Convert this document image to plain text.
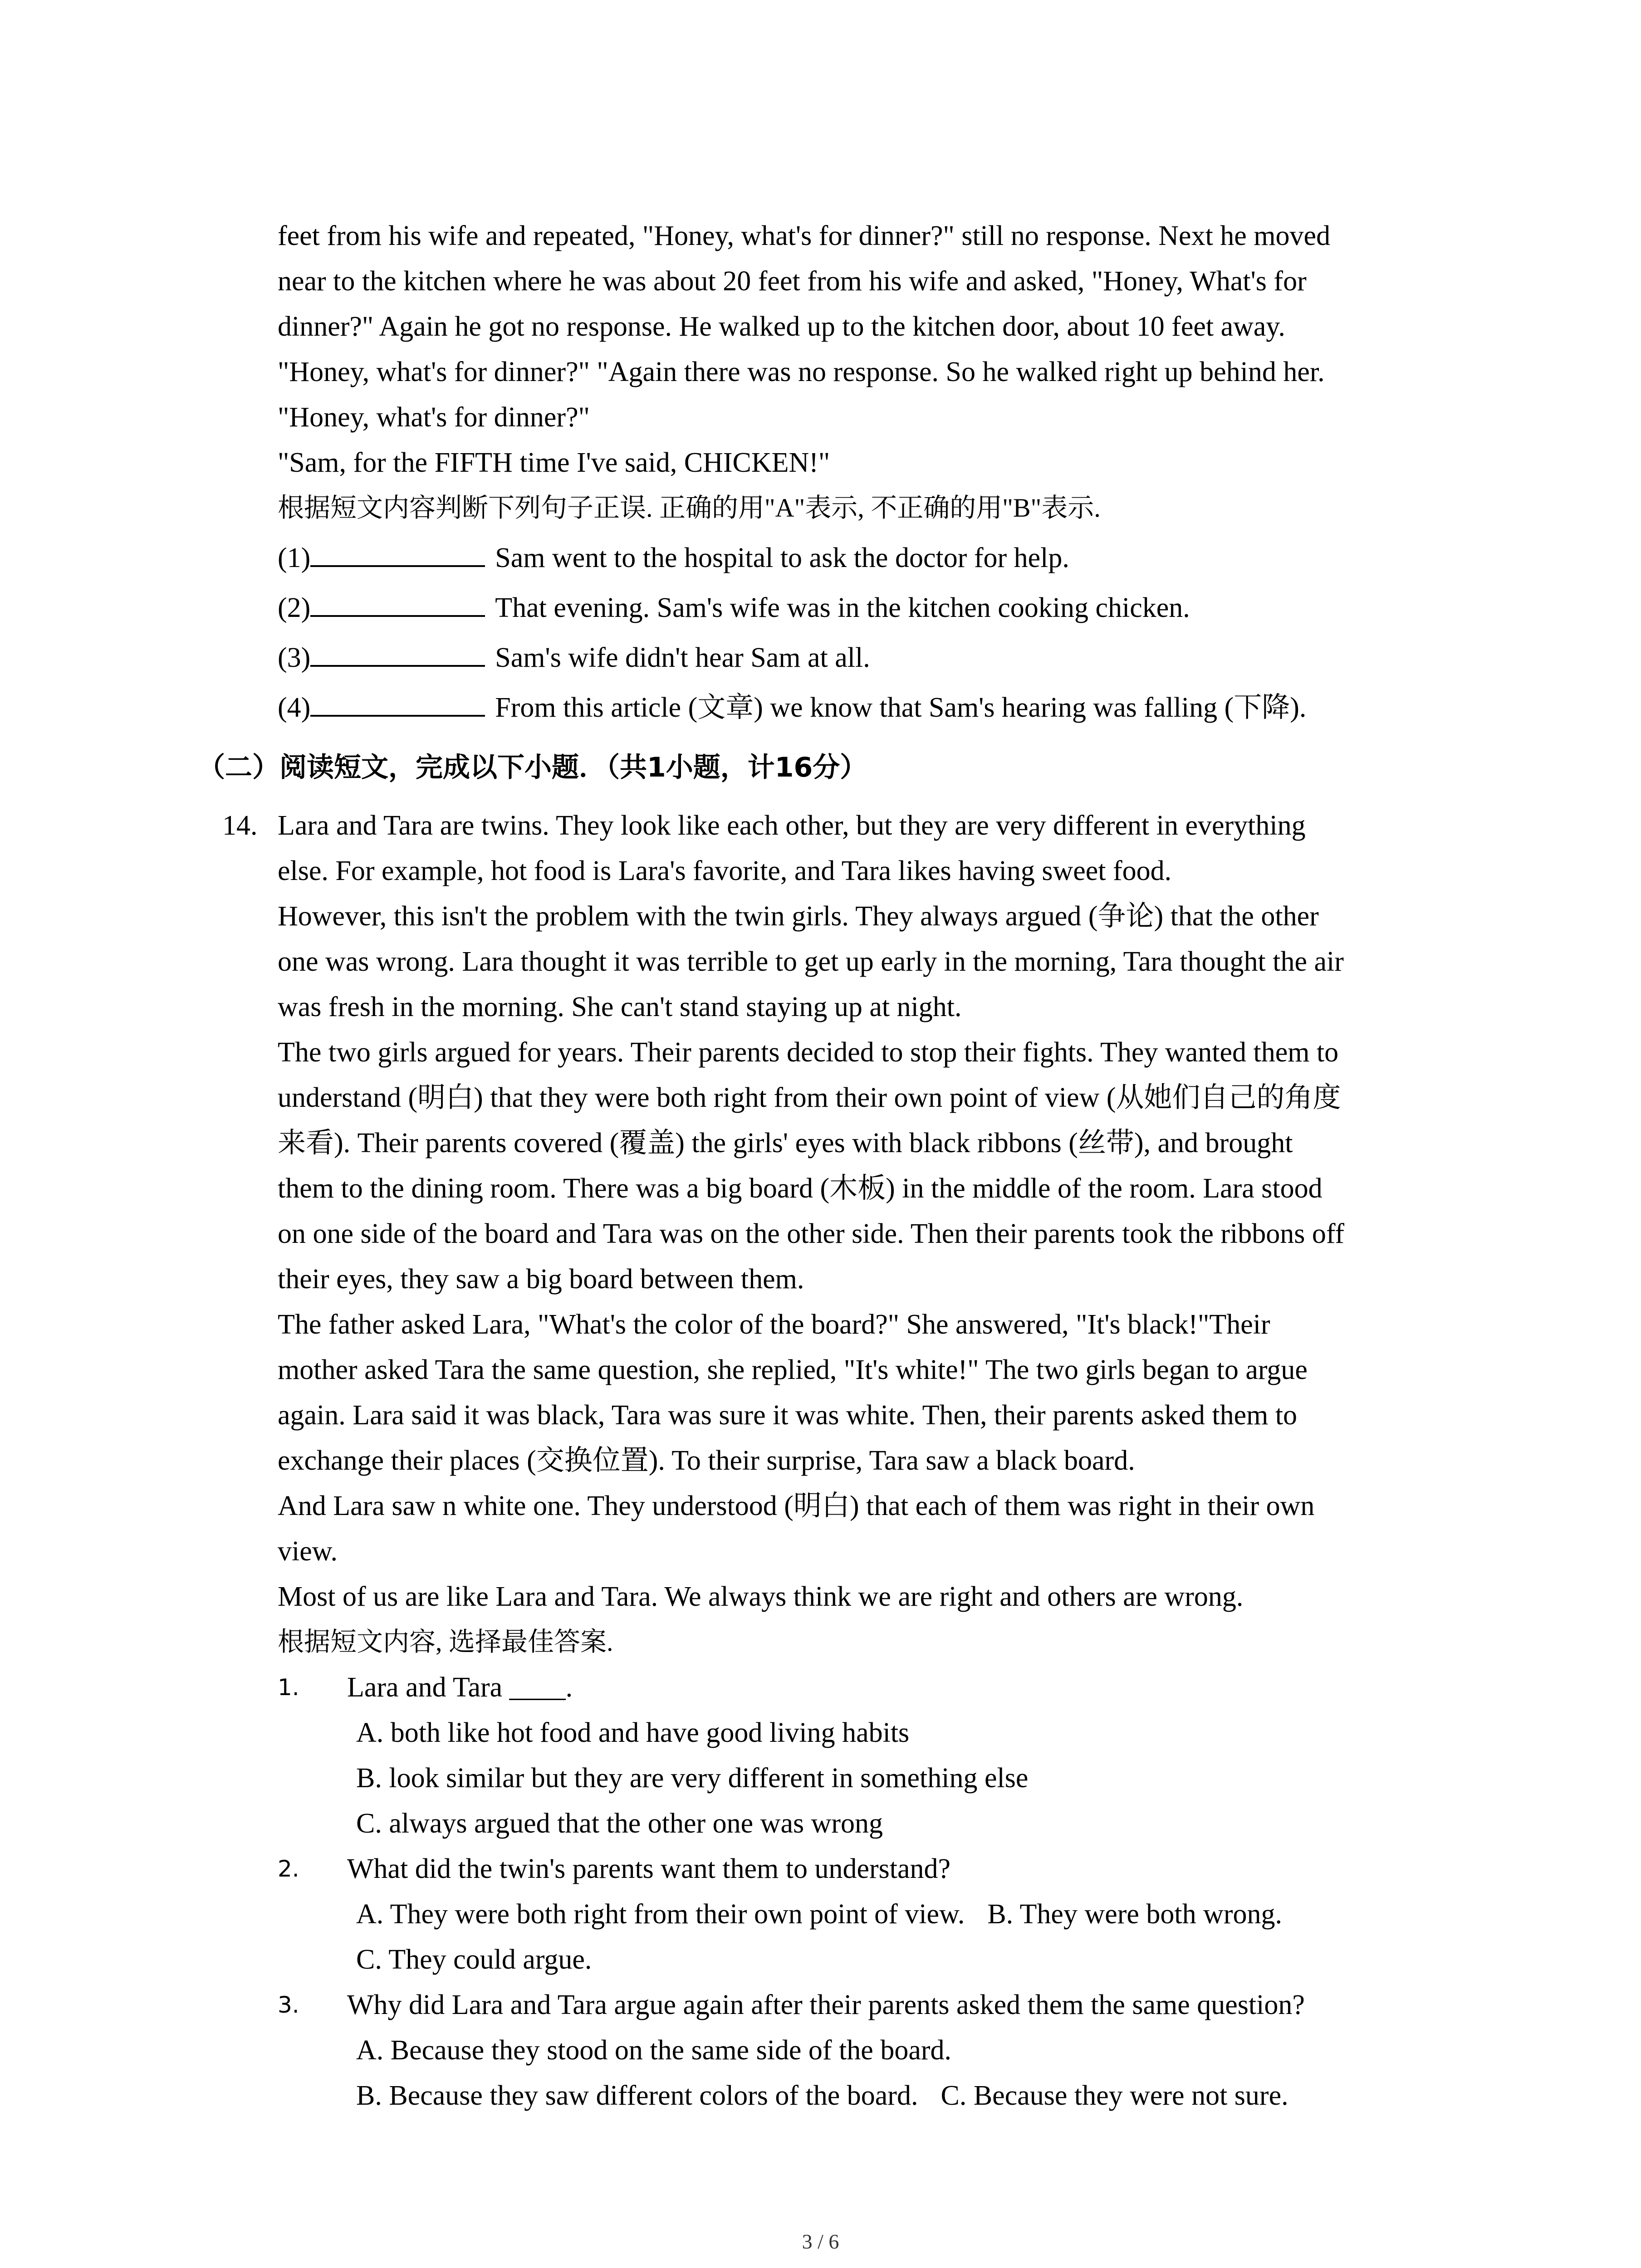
feet from his wife and repeated, "Honey, what's for dinner?" still no response. Next he moved
near to the kitchen where he was about 20 feet from his wife and asked, "Honey, What's for
dinner?" Again he got no response. He walked up to the kitchen door, about 10 feet away.
"Honey, what's for dinner?" "Again there was no response. So he walked right up behind her.
"Honey, what's for dinner?"
"Sam, for the FIFTH time I've said, CHICKEN!"
根据短文内容判断下列句子正误. 正确的用"A"表示, 不正确的用"B"表示.
(1)	Sam went to the hospital to ask the doctor for help.
(2)	That evening. Sam's wife was in the kitchen cooking chicken.
(3)	Sam's wife didn't hear Sam at all.
(4)	From this article (文章) we know that Sam's hearing was falling (下降).
（二）阅读短文，完成以下小题．（共1小题，计16分）
14. Lara and Tara are twins. They look like each other, but they are very different in everything
else. For example, hot food is Lara's favorite, and Tara likes having sweet food.
However, this isn't the problem with the twin girls. They always argued (争论) that the other
one was wrong. Lara thought it was terrible to get up early in the morning, Tara thought the air
was fresh in the morning. She can't stand staying up at night.
The two girls argued for years. Their parents decided to stop their fights. They wanted them to
understand (明白) that they were both right from their own point of view (从她们自己的角度
来看). Their parents covered (覆盖) the girls' eyes with black ribbons (丝带), and brought
them to the dining room. There was a big board (木板) in the middle of the room. Lara stood
on one side of the board and Tara was on the other side. Then their parents took the ribbons off
their eyes, they saw a big board between them.
The father asked Lara, "What's the color of the board?" She answered, "It's black!"Their
mother asked Tara the same question, she replied, "It's white!" The two girls began to argue
again. Lara said it was black, Tara was sure it was white. Then, their parents asked them to
exchange their places (交换位置). To their surprise, Tara saw a black board.
And Lara saw n white one. They understood (明白) that each of them was right in their own
view.
Most of us are like Lara and Tara. We always think we are right and others are wrong.
根据短文内容, 选择最佳答案.
1. Lara and Tara ____.
A. both like hot food and have good living habits
B. look similar but they are very different in something else
C. always argued that the other one was wrong
2. What did the twin's parents want them to understand?
A. They were both right from their own point of view. B. They were both wrong.
C. They could argue.
3. Why did Lara and Tara argue again after their parents asked them the same question?
A. Because they stood on the same side of the board.
B. Because they saw different colors of the board. C. Because they were not sure.
3 / 6
